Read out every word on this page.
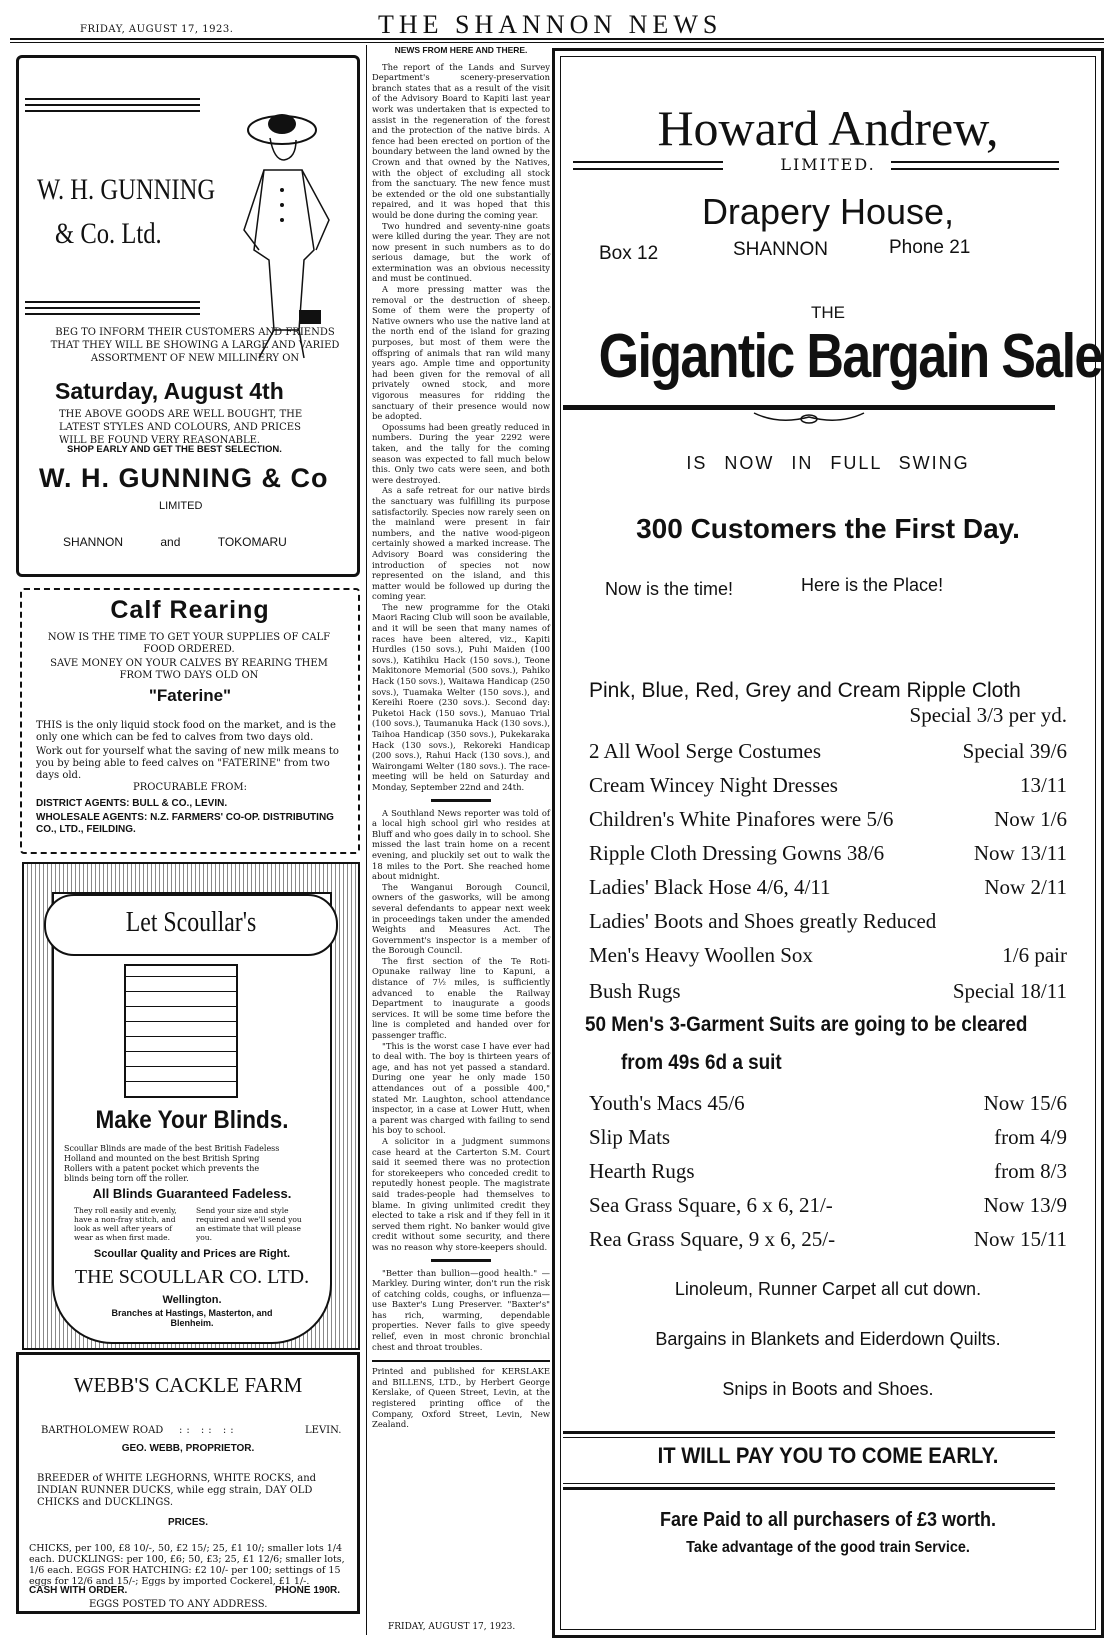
FRIDAY, AUGUST 17, 1923.	THE SHANNON NEWS
W. H. GUNNING
& Co. Ltd.
BEG TO INFORM THEIR CUSTOMERS AND FRIENDS THAT THEY WILL BE SHOWING A LARGE AND VARIED ASSORTMENT OF NEW MILLINERY ON
Saturday, August 4th
THE ABOVE GOODS ARE WELL BOUGHT, THE LATEST STYLES AND COLOURS, AND PRICES WILL BE FOUND VERY REASONABLE.
SHOP EARLY AND GET THE BEST SELECTION.
W. H. GUNNING & Co
LIMITED
SHANNON	and	TOKOMARU
Calf Rearing
NOW IS THE TIME TO GET YOUR SUPPLIES OF CALF FOOD ORDERED.
SAVE MONEY ON YOUR CALVES BY REARING THEM FROM TWO DAYS OLD ON
"Faterine"
THIS is the only liquid stock food on the market, and is the only one which can be fed to calves from two days old.
Work out for yourself what the saving of new milk means to you by being able to feed calves on "FATERINE" from two days old.
PROCURABLE FROM:
DISTRICT AGENTS: BULL & CO., LEVIN.
WHOLESALE AGENTS: N.Z. FARMERS' CO-OP. DISTRIBUTING CO., LTD., FEILDING.
Make Your Blinds.
Scoullar Blinds are made of the best British Fadeless Holland and mounted on the best British Spring Rollers with a patent pocket which prevents the blinds being torn off the roller.
All Blinds Guaranteed Fadeless.
They roll easily and evenly, have a non-fray stitch, and look as well after years of wear as when first made.
Send your size and style required and we'll send you an estimate that will please you.
Scoullar Quality and Prices are Right.
THE SCOULLAR CO. LTD.
Wellington.
Branches at Hastings, Masterton, and Blenheim.
Let Scoullar's
WEBB'S CACKLE FARM
BARTHOLOMEW ROAD :: :: ::	LEVIN.
GEO. WEBB, PROPRIETOR.
BREEDER of WHITE LEGHORNS, WHITE ROCKS, and INDIAN RUNNER DUCKS, while egg strain, DAY OLD CHICKS and DUCKLINGS.
PRICES.
CHICKS, per 100, £8 10/-, 50, £2 15/; 25, £1 10/; smaller lots 1/4 each. DUCKLINGS: per 100, £6; 50, £3; 25, £1 12/6; smaller lots, 1/6 each. EGGS FOR HATCHING: £2 10/- per 100; settings of 15 eggs for 12/6 and 15/-; Eggs by imported Cockerel, £1 1/-.
CASH WITH ORDER.	PHONE 190R.
EGGS POSTED TO ANY ADDRESS.
NEWS FROM HERE AND THERE.

The report of the Lands and Survey Department's scenery-preservation branch states that as a result of the visit of the Advisory Board to Kapiti last year work was undertaken that is expected to assist in the regeneration of the forest and the protection of the native birds. A fence had been erected on portion of the boundary between the land owned by the Crown and that owned by the Natives, with the object of excluding all stock from the sanctuary. The new fence must be extended or the old one substantially repaired, and it was hoped that this would be done during the coming year.

Two hundred and seventy-nine goats were killed during the year. They are not now present in such numbers as to do serious damage, but the work of extermination was an obvious necessity and must be continued.

A more pressing matter was the removal or the destruction of sheep. Some of them were the property of Native owners who use the native land at the north end of the island for grazing purposes, but most of them were the offspring of animals that ran wild many years ago. Ample time and opportunity had been given for the removal of all privately owned stock, and more vigorous measures for ridding the sanctuary of their presence would now be adopted.

Opossums had been greatly reduced in numbers. During the year 2292 were taken, and the tally for the coming season was expected to fall much below this. Only two cats were seen, and both were destroyed.

As a safe retreat for our native birds the sanctuary was fulfilling its purpose satisfactorily. Species now rarely seen on the mainland were present in fair numbers, and the native wood-pigeon certainly showed a marked increase. The Advisory Board was considering the introduction of species not now represented on the island, and this matter would be followed up during the coming year.

The new programme for the Otaki Maori Racing Club will soon be available, and it will be seen that many names of races have been altered, viz., Kapiti Hurdles (150 sovs.), Puhi Maiden (100 sovs.), Katihiku Hack (150 sovs.), Teone Makitonore Memorial (500 sovs.), Pahiko Hack (150 sovs.), Waitawa Handicap (250 sovs.), Tuamaka Welter (150 sovs.), and Kereihi Roere (230 sovs.). Second day: Puketoi Hack (150 sovs.), Manuao Trial (100 sovs.), Taumanuka Hack (130 sovs.), Taihoa Handicap (350 sovs.), Pukekaraka Hack (130 sovs.), Rekoreki Handicap (200 sovs.), Rahui Hack (130 sovs.), and Wairongami Welter (180 sovs.). The race-meeting will be held on Saturday and Monday, September 22nd and 24th.

A Southland News reporter was told of a local high school girl who resides at Bluff and who goes daily in to school. She missed the last train home on a recent evening, and pluckily set out to walk the 18 miles to the Port. She reached home about midnight.

The Wanganui Borough Council, owners of the gasworks, will be among several defendants to appear next week in proceedings taken under the amended Weights and Measures Act. The Government's inspector is a member of the Borough Council.

The first section of the Te Roti-Opunake railway line to Kapuni, a distance of 7½ miles, is sufficiently advanced to enable the Railway Department to inaugurate a goods services. It will be some time before the line is completed and handed over for passenger traffic.

"This is the worst case I have ever had to deal with. The boy is thirteen years of age, and has not yet passed a standard. During one year he only made 150 attendances out of a possible 400," stated Mr. Laughton, school attendance inspector, in a case at Lower Hutt, when a parent was charged with failing to send his boy to school.

A solicitor in a judgment summons case heard at the Carterton S.M. Court said it seemed there was no protection for storekeepers who conceded credit to reputedly honest people. The magistrate said trades-people had themselves to blame. In giving unlimited credit they elected to take a risk and if they fell in it served them right. No banker would give credit without some security, and there was no reason why store-keepers should.

"Better than bullion—good health." —Markley. During winter, don't run the risk of catching colds, coughs, or influenza—use Baxter's Lung Preserver. "Baxter's" has rich, warming, dependable properties. Never fails to give speedy relief, even in most chronic bronchial chest and throat troubles.

Printed and published for KERSLAKE and BILLENS, LTD., by Herbert George Kerslake, of Queen Street, Levin, at the registered printing office of the Company, Oxford Street, Levin, New Zealand.

FRIDAY, AUGUST 17, 1923.
Howard Andrew,
LIMITED.
Drapery House,
Box 12	SHANNON	Phone 21
THE
Gigantic Bargain Sale
IS NOW IN FULL SWING
300 Customers the First Day.
Now is the time!	Here is the Place!
Pink, Blue, Red, Grey and Cream Ripple Cloth
Special 3/3 per yd.
2 All Wool Serge Costumes	Special 39/6
Cream Wincey Night Dresses	13/11
Children's White Pinafores were 5/6	Now 1/6
Ripple Cloth Dressing Gowns 38/6	Now 13/11
Ladies' Black Hose 4/6, 4/11	Now 2/11
Ladies' Boots and Shoes greatly Reduced
Men's Heavy Woollen Sox	1/6 pair
Bush Rugs	Special 18/11
50 Men's 3-Garment Suits are going to be cleared
from 49s 6d a suit
Youth's Macs 45/6	Now 15/6
Slip Mats	from 4/9
Hearth Rugs	from 8/3
Sea Grass Square, 6 x 6, 21/-	Now 13/9
Rea Grass Square, 9 x 6, 25/-	Now 15/11
Linoleum, Runner Carpet all cut down.
Bargains in Blankets and Eiderdown Quilts.
Snips in Boots and Shoes.
IT WILL PAY YOU TO COME EARLY.
Fare Paid to all purchasers of £3 worth.
Take advantage of the good train Service.
